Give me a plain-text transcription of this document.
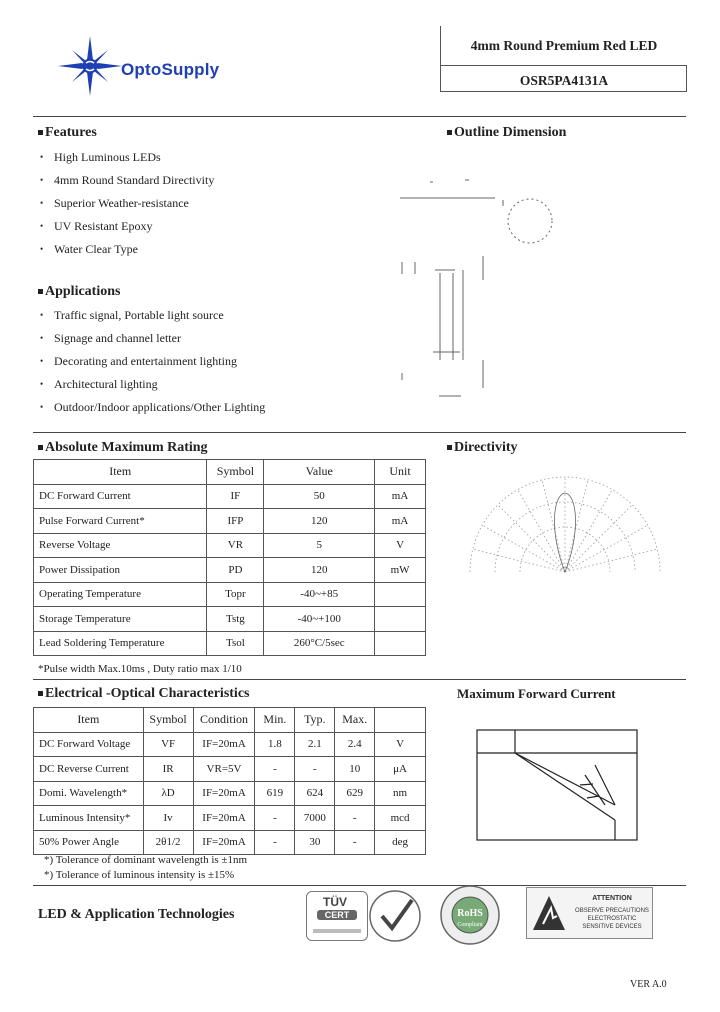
OptoSupply
4mm Round Premium Red LED
OSR5PA4131A
Features
• High Luminous LEDs
• 4mm Round Standard Directivity
• Superior Weather-resistance
• UV Resistant Epoxy
• Water Clear Type
Applications
• Traffic signal, Portable light source
• Signage and channel letter
• Decorating and entertainment lighting
• Architectural lighting
• Outdoor/Indoor applications/Other Lighting
Outline Dimension
Absolute Maximum Rating
Item	Symbol	Value	Unit
DC Forward Current	IF	50	mA
Pulse Forward Current*	IFP	120	mA
Reverse Voltage	VR	5	V
Power Dissipation	PD	120	mW
Operating Temperature	Topr	-40~+85	
Storage Temperature	Tstg	-40~+100	
Lead Soldering Temperature	Tsol	260°C/5sec	
*Pulse width Max.10ms , Duty ratio max 1/10
Directivity
Electrical -Optical Characteristics
Item	Symbol	Condition	Min.	Typ.	Max.	
DC Forward Voltage	VF	IF=20mA	1.8	2.1	2.4	V
DC Reverse Current	IR	VR=5V	-	-	10	μA
Domi. Wavelength*	λD	IF=20mA	619	624	629	nm
Luminous Intensity*	Iv	IF=20mA	-	7000	-	mcd
50% Power Angle	2θ1/2	IF=20mA	-	30	-	deg
*) Tolerance of dominant wavelength is ±1nm
*) Tolerance of luminous intensity is ±15%
Maximum Forward Current
LED & Application Technologies
TÜV
CERT	RoHS
Compliant
ATTENTION
OBSERVE PRECAUTIONS
ELECTROSTATIC
SENSITIVE DEVICES
VER A.0
